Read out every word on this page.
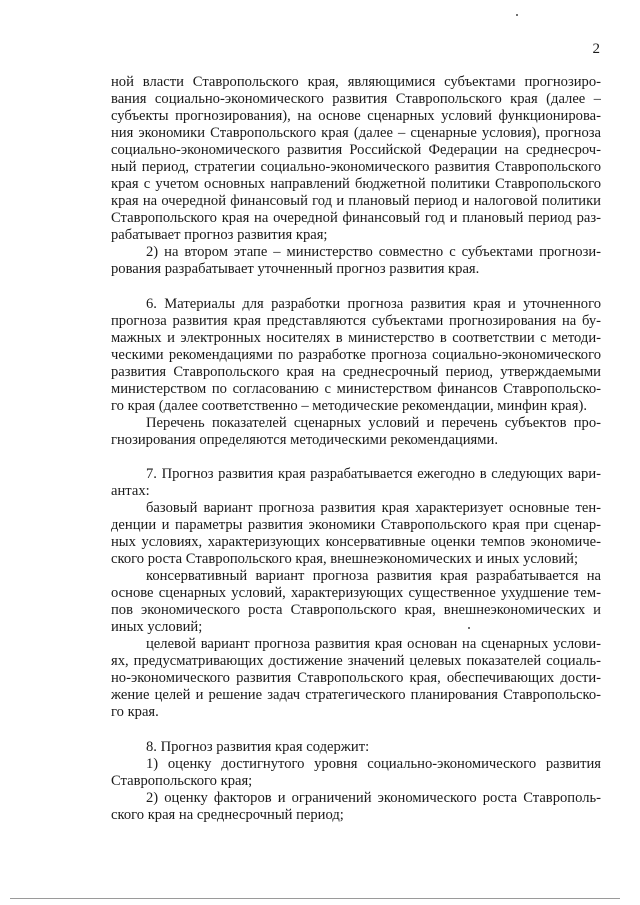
2
ной власти Ставропольского края, являющимися субъектами прогнозиро-
вания социально-экономического развития Ставропольского края (далее –
субъекты прогнозирования), на основе сценарных условий функционирова-
ния экономики Ставропольского края (далее – сценарные условия), прогноза
социально-экономического развития Российской Федерации на среднесроч-
ный период, стратегии социально-экономического развития Ставропольского
края с учетом основных направлений бюджетной политики Ставропольского
края на очередной финансовый год и плановый период и налоговой политики
Ставропольского края на очередной финансовый год и плановый период раз-
рабатывает прогноз развития края;
2) на втором этапе – министерство совместно с субъектами прогнози-
рования разрабатывает уточненный прогноз развития края.
6. Материалы для разработки прогноза развития края и уточненного
прогноза развития края представляются субъектами прогнозирования на бу-
мажных и электронных носителях в министерство в соответствии с методи-
ческими рекомендациями по разработке прогноза социально-экономического
развития Ставропольского края на среднесрочный период, утверждаемыми
министерством по согласованию с министерством финансов Ставропольско-
го края (далее соответственно – методические рекомендации, минфин края).
Перечень показателей сценарных условий и перечень субъектов про-
гнозирования определяются методическими рекомендациями.
7. Прогноз развития края разрабатывается ежегодно в следующих вари-
антах:
базовый вариант прогноза развития края характеризует основные тен-
денции и параметры развития экономики Ставропольского края при сценар-
ных условиях, характеризующих консервативные оценки темпов экономиче-
ского роста Ставропольского края, внешнеэкономических и иных условий;
консервативный вариант прогноза развития края разрабатывается на
основе сценарных условий, характеризующих существенное ухудшение тем-
пов экономического роста Ставропольского края, внешнеэкономических и
иных условий;
целевой вариант прогноза развития края основан на сценарных услови-
ях, предусматривающих достижение значений целевых показателей социаль-
но-экономического развития Ставропольского края, обеспечивающих дости-
жение целей и решение задач стратегического планирования Ставропольско-
го края.
8. Прогноз развития края содержит:
1) оценку достигнутого уровня социально-экономического развития
Ставропольского края;
2) оценку факторов и ограничений экономического роста Ставрополь-
ского края на среднесрочный период;
